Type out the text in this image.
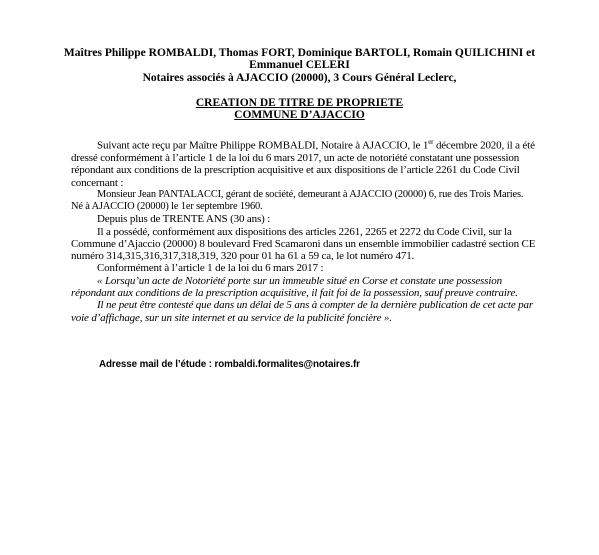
Maîtres Philippe ROMBALDI, Thomas FORT, Dominique BARTOLI, Romain QUILICHINI et
Emmanuel CELERI
Notaires associés à AJACCIO (20000), 3 Cours Général Leclerc,
CREATION DE TITRE DE PROPRIETE
COMMUNE D’AJACCIO

Suivant acte reçu par Maître Philippe ROMBALDI, Notaire à AJACCIO, le 1er décembre 2020, il a été dressé conformément à l’article 1 de la loi du 6 mars 2017, un acte de notoriété constatant une possession répondant aux conditions de la prescription acquisitive et aux dispositions de l’article 2261 du Code Civil concernant :

Monsieur Jean PANTALACCI, gérant de société, demeurant à AJACCIO (20000) 6, rue des Trois Maries. Né à AJACCIO (20000) le 1er septembre 1960.

Depuis plus de TRENTE ANS (30 ans) :

Il a possédé, conformément aux dispositions des articles 2261, 2265 et 2272 du Code Civil, sur la Commune d’Ajaccio (20000) 8 boulevard Fred Scamaroni dans un ensemble immobilier cadastré section CE numéro 314,315,316,317,318,319, 320 pour 01 ha 61 a 59 ca, le lot numéro 471.

Conformément à l’article 1 de la loi du 6 mars 2017 :

« Lorsqu’un acte de Notoriété porte sur un immeuble situé en Corse et constate une possession répondant aux conditions de la prescription acquisitive, il fait foi de la possession, sauf preuve contraire.

Il ne peut être contesté que dans un délai de 5 ans à compter de la dernière publication de cet acte par voie d’affichage, sur un site internet et au service de la publicité foncière ».

Adresse mail de l’étude : rombaldi.formalites@notaires.fr
